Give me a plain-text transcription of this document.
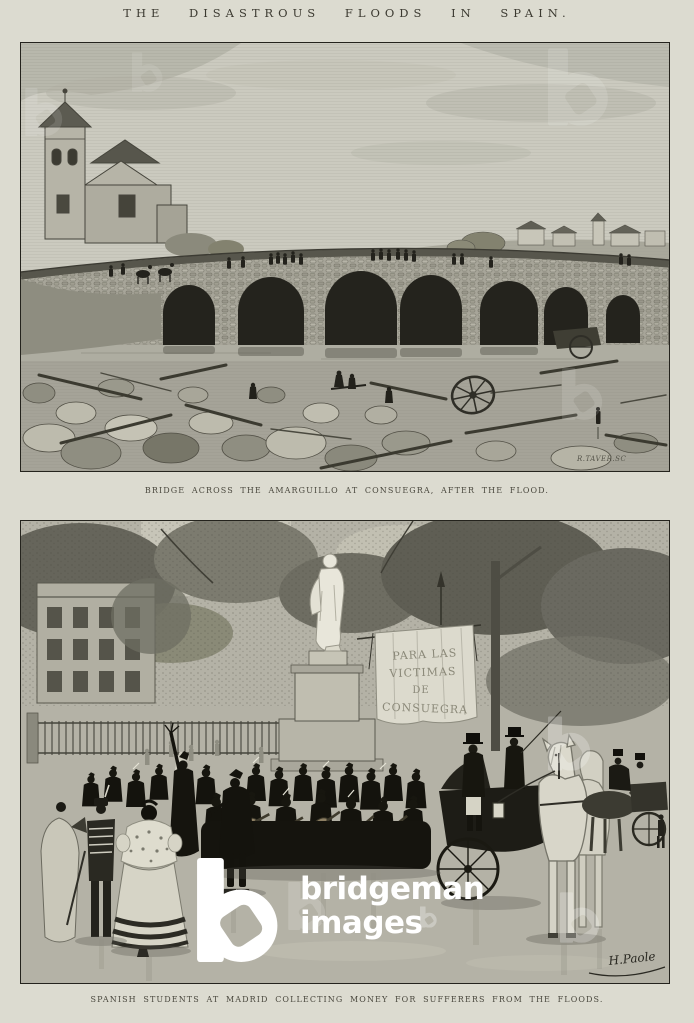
THE DISASTROUS FLOODS IN SPAIN.
R.TAVER.SC
BRIDGE ACROSS THE AMARGUILLO AT CONSUEGRA, AFTER THE FLOOD.
PARA LAS
VICTIMAS
DE
CONSUEGRA
H.Paole
SPANISH STUDENTS AT MADRID COLLECTING MONEY FOR SUFFERERS FROM THE FLOODS.
bridgeman
images
